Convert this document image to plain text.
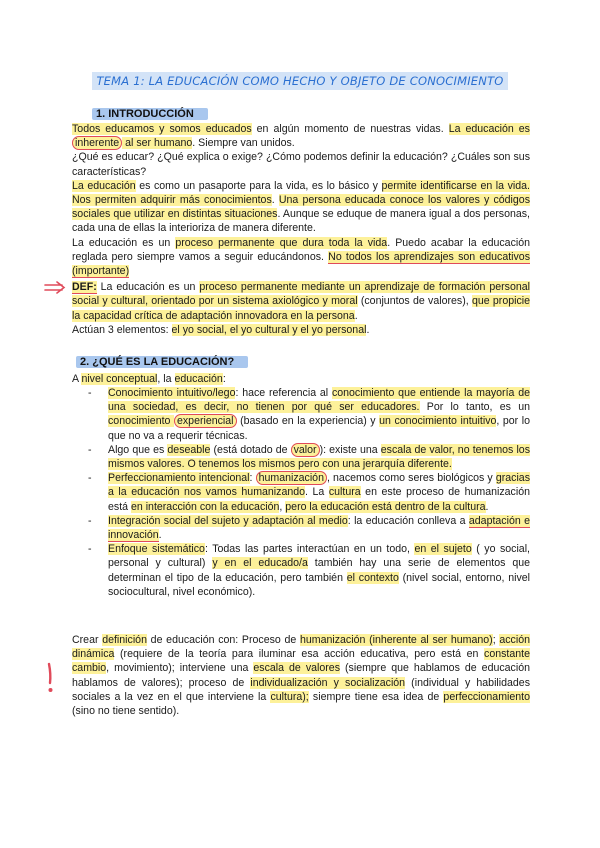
TEMA 1: LA EDUCACIÓN COMO HECHO Y OBJETO DE CONOCIMIENTO
1. INTRODUCCIÓN

Todos educamos y somos educados en algún momento de nuestras vidas. La educación es inherente al ser humano. Siempre van unidos.

¿Qué es educar? ¿Qué explica o exige? ¿Cómo podemos definir la educación? ¿Cuáles son sus características?

La educación es como un pasaporte para la vida, es lo básico y permite identificarse en la vida. Nos permiten adquirir más conocimientos. Una persona educada conoce los valores y códigos sociales que utilizar en distintas situaciones. Aunque se eduque de manera igual a dos personas, cada una de ellas la interioriza de manera diferente.

La educación es un proceso permanente que dura toda la vida. Puedo acabar la educación reglada pero siempre vamos a seguir educándonos. No todos los aprendizajes son educativos (importante)

DEF: La educación es un proceso permanente mediante un aprendizaje de formación personal social y cultural, orientado por un sistema axiológico y moral (conjuntos de valores), que propicie la capacidad crítica de adaptación innovadora en la persona.

Actúan 3 elementos: el yo social, el yo cultural y el yo personal.

2. ¿QUÉ ES LA EDUCACIÓN?

A nivel conceptual, la educación:

- Conocimiento intuitivo/lego: hace referencia al conocimiento que entiende la mayoría de una sociedad, es decir, no tienen por qué ser educadores. Por lo tanto, es un conocimiento experiencial (basado en la experiencia) y un conocimiento intuitivo, por lo que no va a requerir técnicas.
- Algo que es deseable (está dotado de valor ): existe una escala de valor, no tenemos los mismos valores. O tenemos los mismos pero con una jerarquía diferente.
- Perfeccionamiento intencional: humanización , nacemos como seres biológicos y gracias a la educación nos vamos humanizando. La cultura en este proceso de humanización está en interacción con la educación, pero la educación está dentro de la cultura.
- Integración social del sujeto y adaptación al medio: la educación conlleva a adaptación e innovación.
- Enfoque sistemático: Todas las partes interactúan en un todo, en el sujeto ( yo social, personal y cultural) y en el educado/a también hay una serie de elementos que determinan el tipo de la educación, pero también el contexto (nivel social, entorno, nivel sociocultural, nivel económico).

Crear definición de educación con: Proceso de humanización (inherente al ser humano); acción dinámica (requiere de la teoría para iluminar esa acción educativa, pero está en constante cambio, movimiento); interviene una escala de valores (siempre que hablamos de educación hablamos de valores); proceso de individualización y socialización (individual y habilidades sociales a la vez en el que interviene la cultura); siempre tiene esa idea de perfeccionamiento (sino no tiene sentido).
